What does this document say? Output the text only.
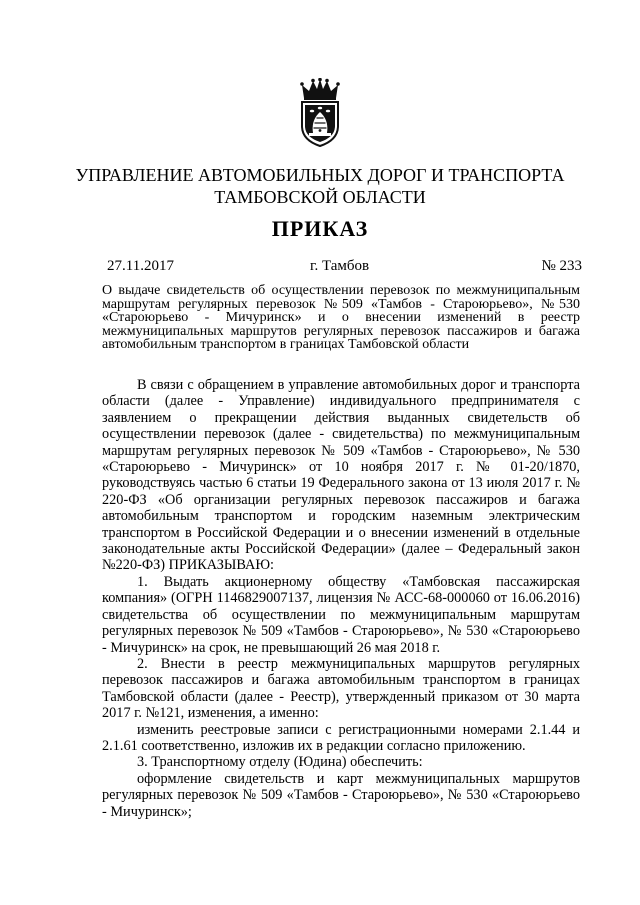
УПРАВЛЕНИЕ АВТОМОБИЛЬНЫХ ДОРОГ И ТРАНСПОРТА
ТАМБОВСКОЙ ОБЛАСТИ
ПРИКАЗ
27.11.2017	г. Тамбов	№ 233
О выдаче свидетельств об осуществлении перевозок по межмуниципальным маршрутам регулярных перевозок №509 «Тамбов - Староюрьево», №530 «Староюрьево - Мичуринск» и о внесении изменений в реестр межмуниципальных маршрутов регулярных перевозок пассажиров и багажа автомобильным транспортом в границах Тамбовской области

В связи с обращением в управление автомобильных дорог и транспорта области (далее - Управление) индивидуального предпринимателя с заявлением о прекращении действия выданных свидетельств об осуществлении перевозок (далее - свидетельства) по межмуниципальным маршрутам регулярных перевозок № 509 «Тамбов - Староюрьево», № 530 «Староюрьево - Мичуринск» от 10 ноября 2017 г. № 01-20/1870, руководствуясь частью 6 статьи 19 Федерального закона от 13 июля 2017 г. № 220-ФЗ «Об организации регулярных перевозок пассажиров и багажа автомобильным транспортом и городским наземным электрическим транспортом в Российской Федерации и о внесении изменений в отдельные законодательные акты Российской Федерации» (далее – Федеральный закон №220-ФЗ) ПРИКАЗЫВАЮ:

1. Выдать акционерному обществу «Тамбовская пассажирская компания» (ОГРН 1146829007137, лицензия № АСС-68-000060 от 16.06.2016) свидетельства об осуществлении по межмуниципальным маршрутам регулярных перевозок № 509 «Тамбов - Староюрьево», № 530 «Староюрьево - Мичуринск» на срок, не превышающий 26 мая 2018 г.

2. Внести в реестр межмуниципальных маршрутов регулярных перевозок пассажиров и багажа автомобильным транспортом в границах Тамбовской области (далее - Реестр), утвержденный приказом от 30 марта 2017 г. №121, изменения, а именно:

изменить реестровые записи с регистрационными номерами 2.1.44 и 2.1.61 соответственно, изложив их в редакции согласно приложению.

3. Транспортному отделу (Юдина) обеспечить:

оформление свидетельств и карт межмуниципальных маршрутов регулярных перевозок № 509 «Тамбов - Староюрьево», № 530 «Староюрьево - Мичуринск»;
